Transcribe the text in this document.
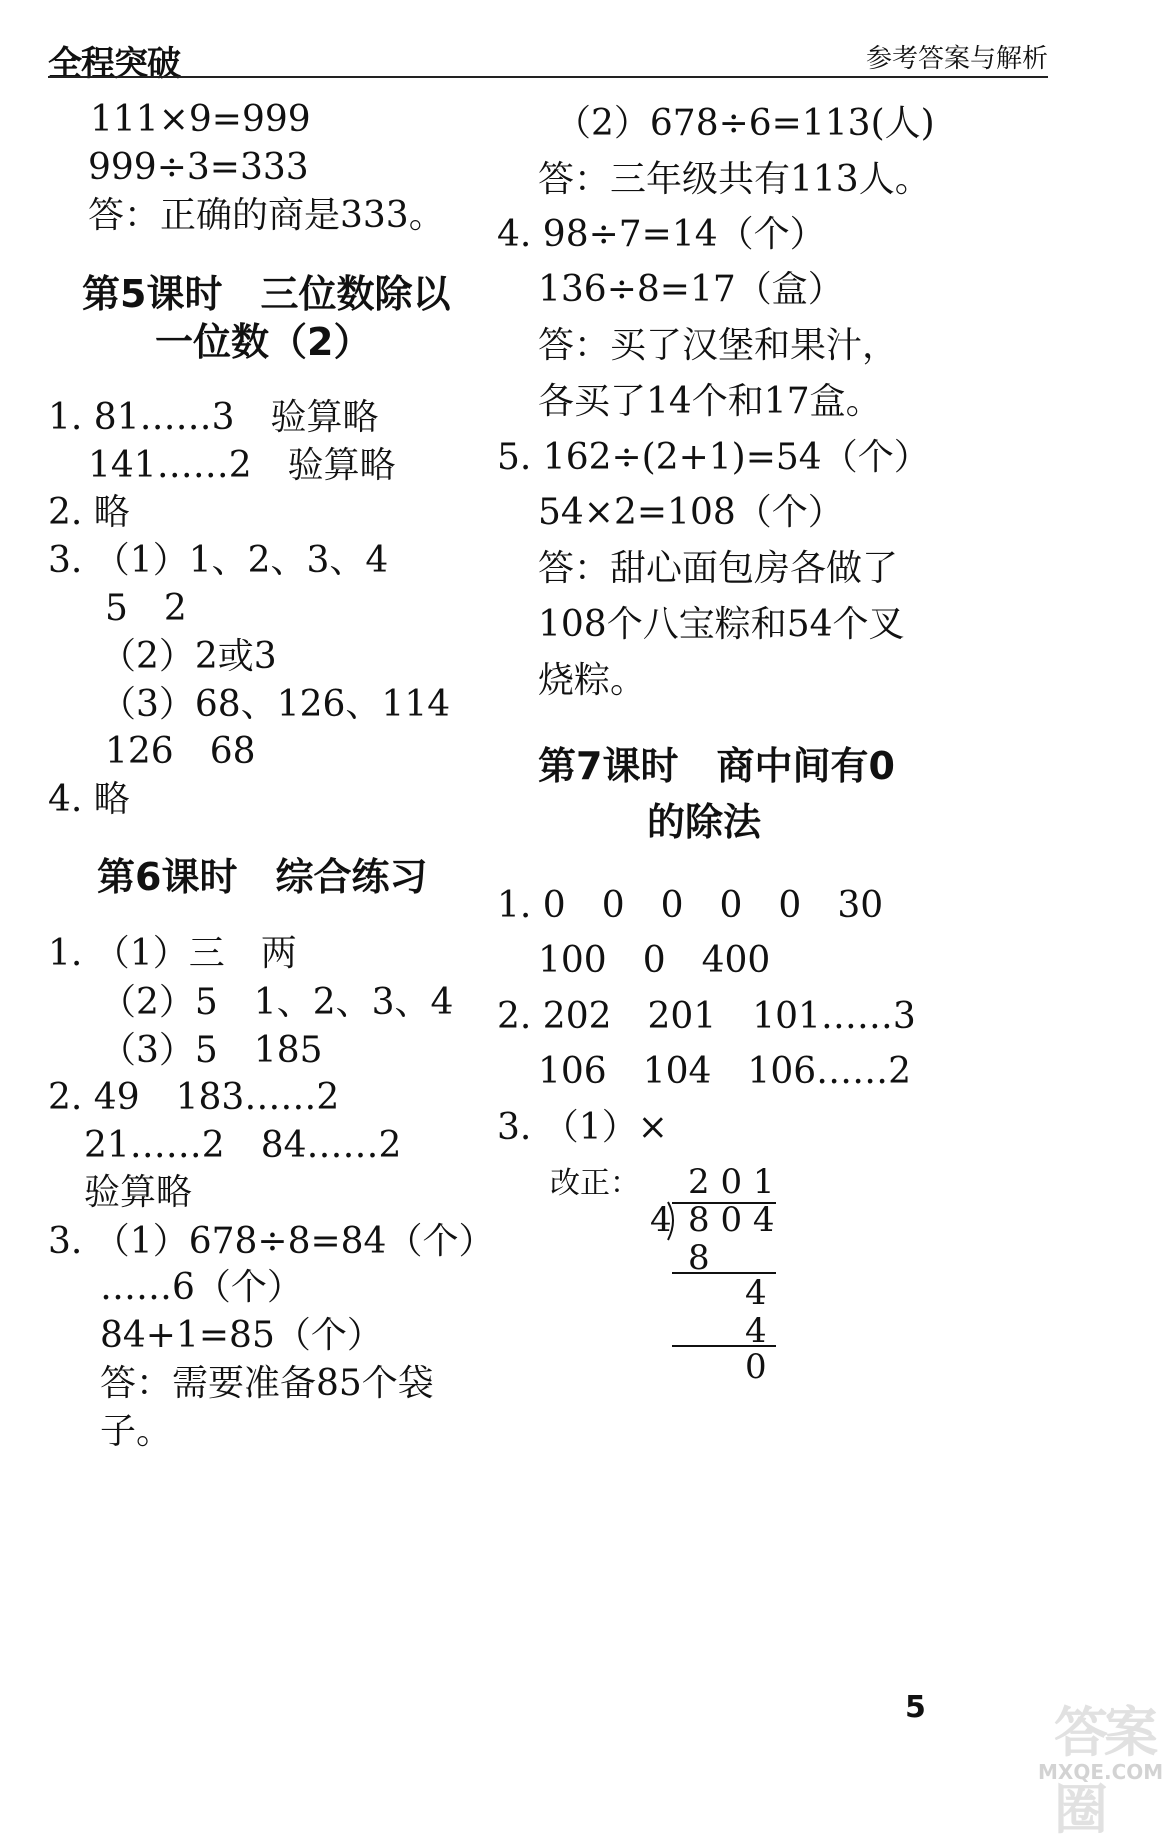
全程突破	参考答案与解析
111×9=999
999÷3=333
答：正确的商是333。
第5课时　三位数除以
一位数（2）
1. 81……3　验算略
141……2　验算略
2. 略
3. （1）1、2、3、4
5　2
（2）2或3
（3）68、126、114
126　68
4. 略
第6课时　综合练习
1. （1）三　两
（2）5　1、2、3、4
（3）5　185
2. 49　183……2
21……2　84……2
验算略
3. （1）678÷8=84（个）
……6（个）
84+1=85（个）
答：需要准备85个袋
子。
（2）678÷6=113(人)
答：三年级共有113人。
4. 98÷7=14（个）
136÷8=17（盒）
答：买了汉堡和果汁，
各买了14个和17盒。
5. 162÷(2+1)=54（个）
54×2=108（个）
答：甜心面包房各做了
108个八宝粽和54个叉
烧粽。
第7课时　商中间有0
的除法
1. 0　0　0　0　0　30
100　0　400
2. 202　201　101……3
106　104　106……2
3. （1）×
改正： 2 0 1
4 8 0 4
8
4
4
0
答案圈
MXQE.COM
5
